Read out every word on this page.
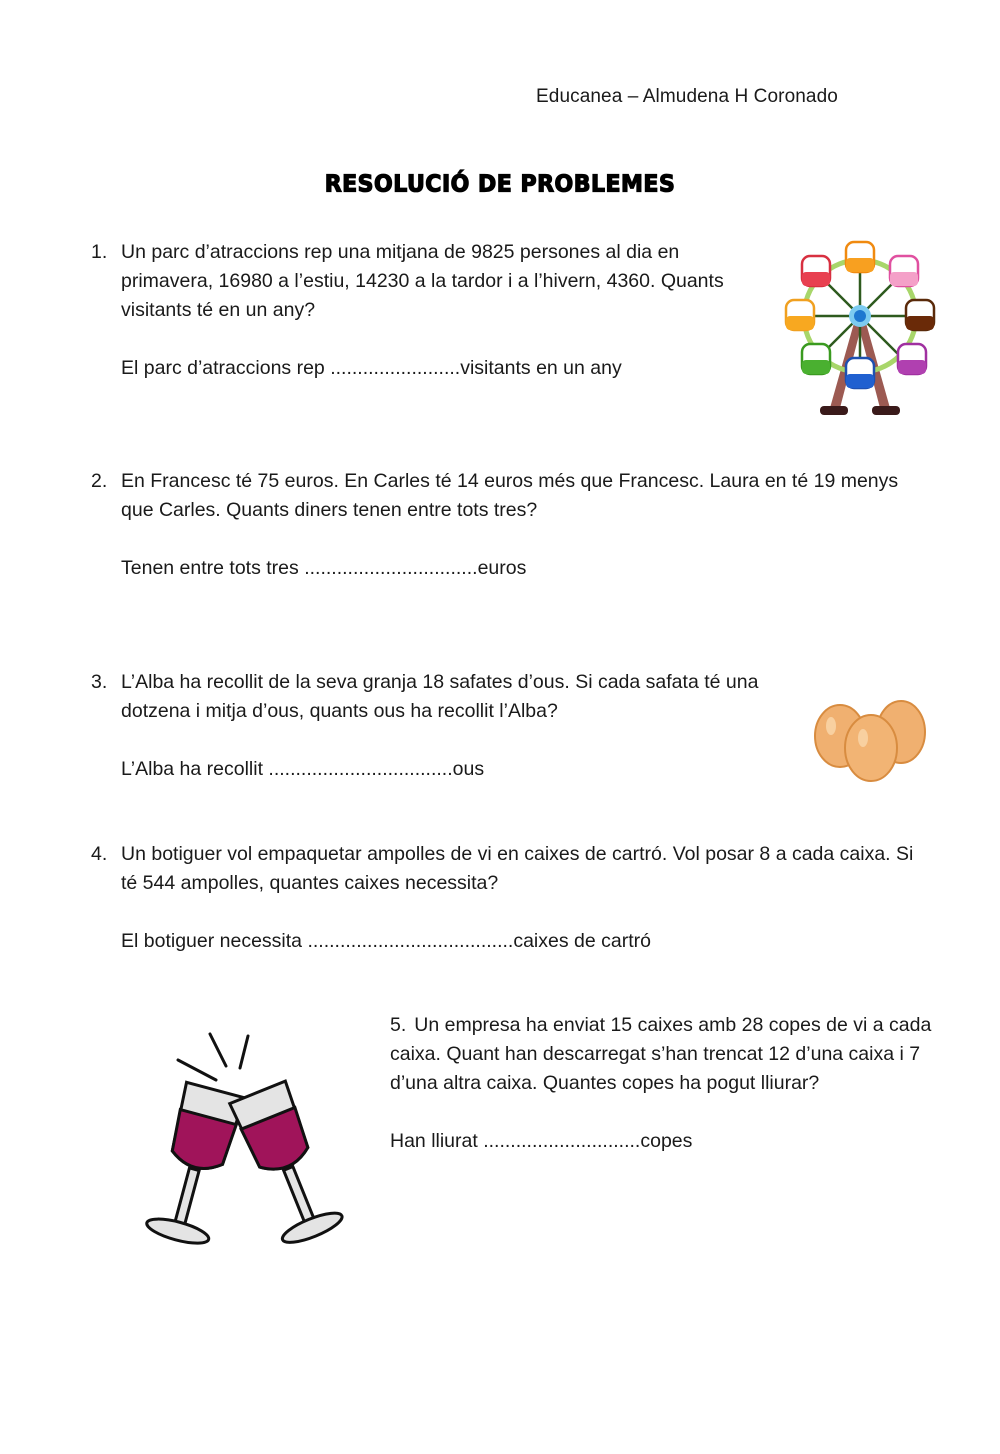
Educanea – Almudena H Coronado
RESOLUCIÓ DE PROBLEMES
1. Un parc d’atraccions rep una mitjana de 9825 persones al dia en primavera, 16980 a l’estiu, 14230 a la tardor i a l’hivern, 4360. Quants visitants té en un any?

El parc d’atraccions rep ........................visitants en un any

2. En Francesc té 75 euros. En Carles té 14 euros més que Francesc. Laura en té 19 menys que Carles. Quants diners tenen entre tots tres?

Tenen entre tots tres ................................euros

3. L’Alba ha recollit de la seva granja 18 safates d’ous. Si cada safata té una dotzena i mitja d’ous, quants ous ha recollit l’Alba?

L’Alba ha recollit ..................................ous

4. Un botiguer vol empaquetar ampolles de vi en caixes de cartró. Vol posar 8 a cada caixa. Si té 544 ampolles, quantes caixes necessita?

El botiguer necessita ......................................caixes de cartró

5. Un empresa ha enviat 15 caixes amb 28 copes de vi a cada caixa. Quant han descarregat s’han trencat 12 d’una caixa i 7 d’una altra caixa. Quantes copes ha pogut lliurar?

Han lliurat .............................copes
